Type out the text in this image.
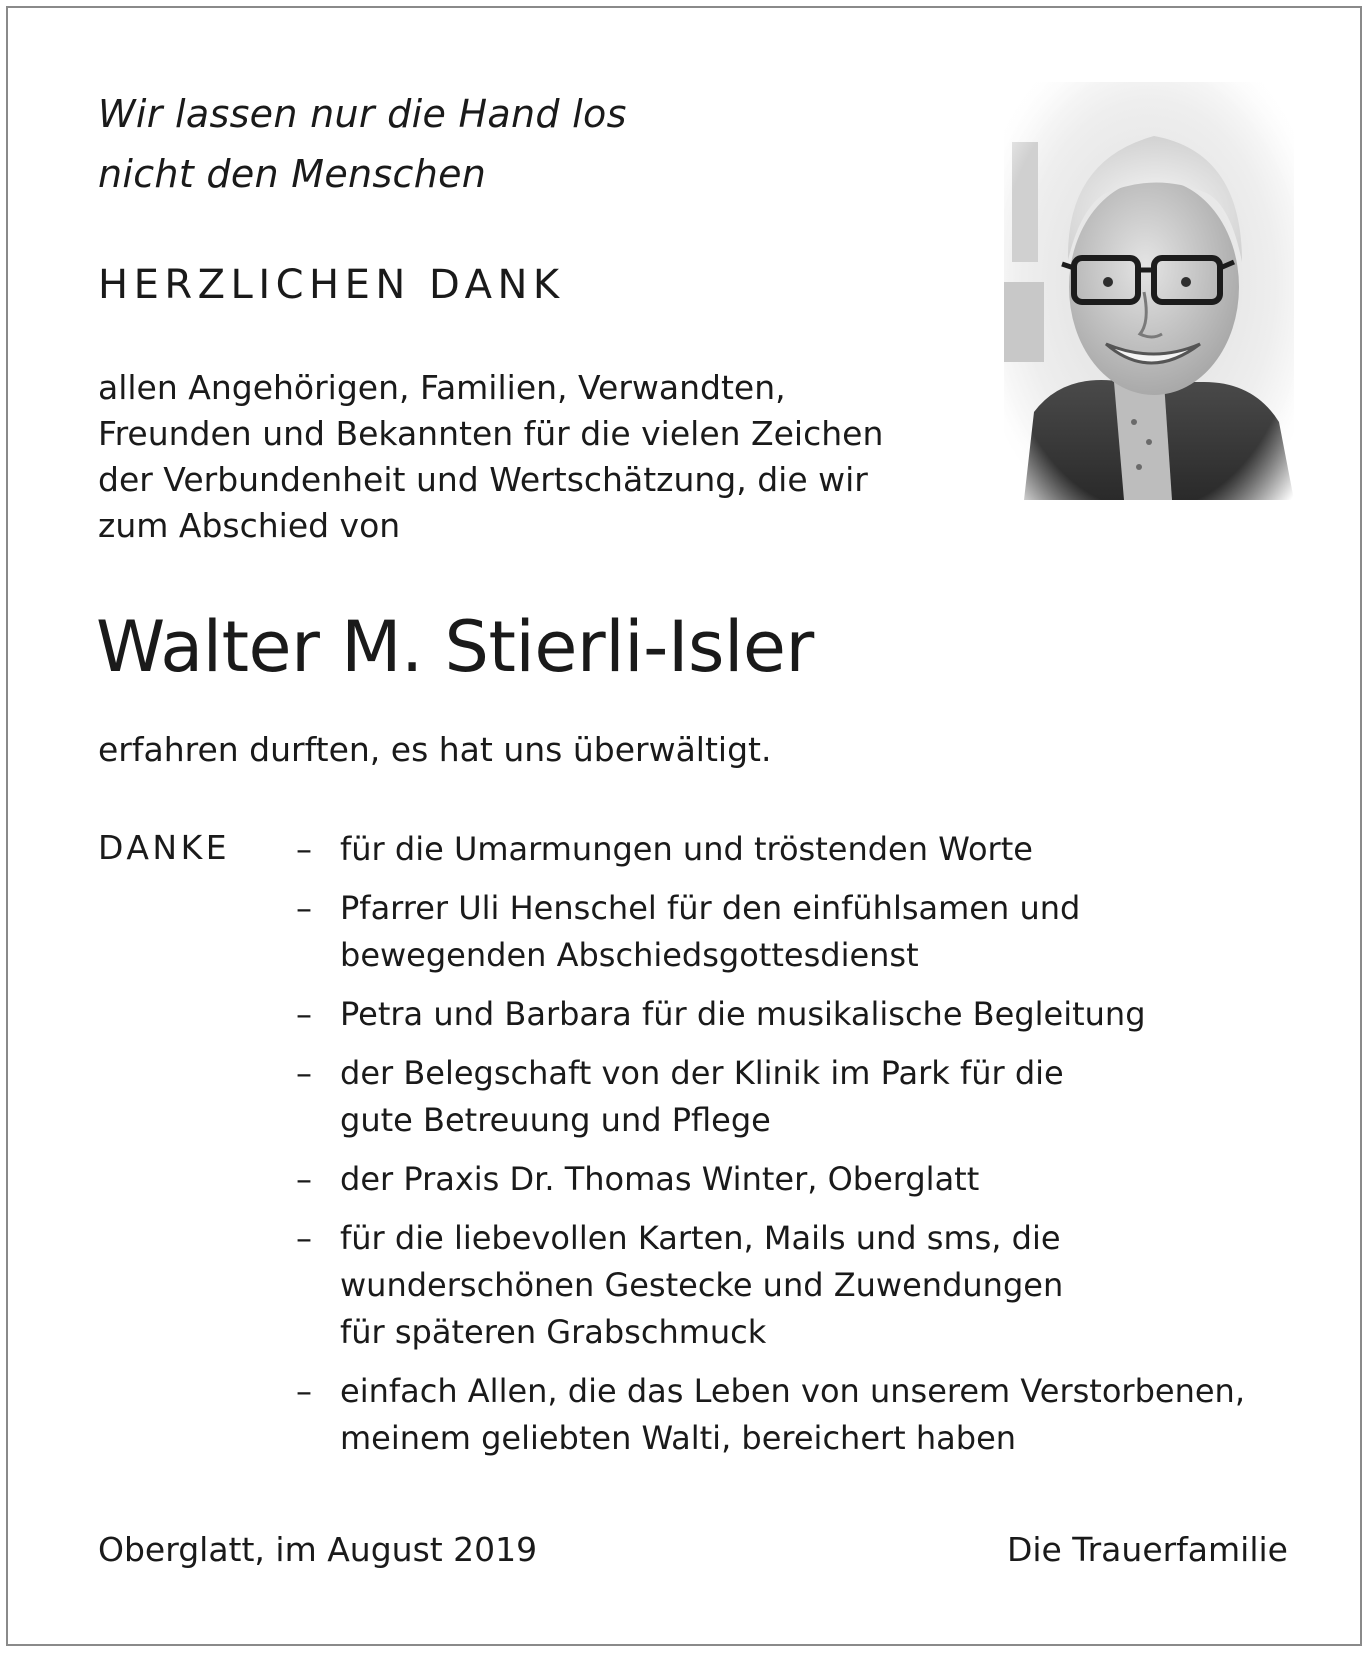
Wir lassen nur die Hand los
nicht den Menschen
HERZLICHEN DANK
allen Angehörigen, Familien, Verwandten,
Freunden und Bekannten für die vielen Zeichen
der Verbundenheit und Wertschätzung, die wir
zum Abschied von
Walter M. Stierli-Isler
erfahren durften, es hat uns überwältigt.
DANKE – für die Umarmungen und tröstenden Worte
– Pfarrer Uli Henschel für den einfühlsamen und
bewegenden Abschiedsgottesdienst
– Petra und Barbara für die musikalische Begleitung
– der Belegschaft von der Klinik im Park für die
gute Betreuung und Pflege
– der Praxis Dr. Thomas Winter, Oberglatt
– für die liebevollen Karten, Mails und sms, die
wunderschönen Gestecke und Zuwendungen
für späteren Grabschmuck
– einfach Allen, die das Leben von unserem Verstorbenen,
meinem geliebten Walti, bereichert haben
Oberglatt, im August 2019	Die Trauerfamilie
